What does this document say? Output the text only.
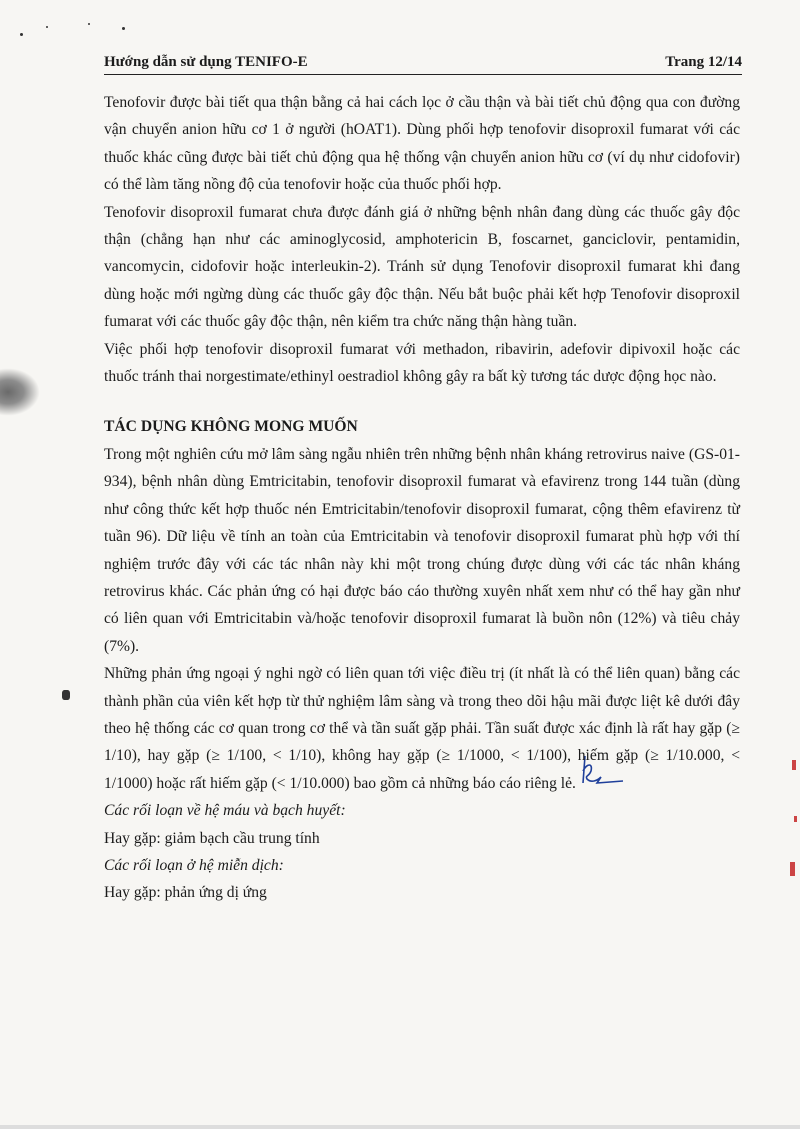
Hướng dẫn sử dụng TENIFO-E	Trang 12/14

Tenofovir được bài tiết qua thận bằng cả hai cách lọc ở cầu thận và bài tiết chủ động qua con đường vận chuyển anion hữu cơ 1 ở người (hOAT1). Dùng phối hợp tenofovir disoproxil fumarat với các thuốc khác cũng được bài tiết chủ động qua hệ thống vận chuyển anion hữu cơ (ví dụ như cidofovir) có thể làm tăng nồng độ của tenofovir hoặc của thuốc phối hợp.

Tenofovir disoproxil fumarat chưa được đánh giá ở những bệnh nhân đang dùng các thuốc gây độc thận (chẳng hạn như các aminoglycosid, amphotericin B, foscarnet, ganciclovir, pentamidin, vancomycin, cidofovir hoặc interleukin-2). Tránh sử dụng Tenofovir disoproxil fumarat khi đang dùng hoặc mới ngừng dùng các thuốc gây độc thận. Nếu bắt buộc phải kết hợp Tenofovir disoproxil fumarat với các thuốc gây độc thận, nên kiểm tra chức năng thận hàng tuần.

Việc phối hợp tenofovir disoproxil fumarat với methadon, ribavirin, adefovir dipivoxil hoặc các thuốc tránh thai norgestimate/ethinyl oestradiol không gây ra bất kỳ tương tác dược động học nào.

TÁC DỤNG KHÔNG MONG MUỐN

Trong một nghiên cứu mở lâm sàng ngẫu nhiên trên những bệnh nhân kháng retrovirus naive (GS-01-934), bệnh nhân dùng Emtricitabin, tenofovir disoproxil fumarat và efavirenz trong 144 tuần (dùng như công thức kết hợp thuốc nén Emtricitabin/tenofovir disoproxil fumarat, cộng thêm efavirenz từ tuần 96). Dữ liệu về tính an toàn của Emtricitabin và tenofovir disoproxil fumarat phù hợp với thí nghiệm trước đây với các tác nhân này khi một trong chúng được dùng với các tác nhân kháng retrovirus khác. Các phản ứng có hại được báo cáo thường xuyên nhất xem như có thể hay gần như có liên quan với Emtricitabin và/hoặc tenofovir disoproxil fumarat là buồn nôn (12%) và tiêu chảy (7%).

Những phản ứng ngoại ý nghi ngờ có liên quan tới việc điều trị (ít nhất là có thể liên quan) bằng các thành phần của viên kết hợp từ thử nghiệm lâm sàng và trong theo dõi hậu mãi được liệt kê dưới đây theo hệ thống các cơ quan trong cơ thể và tần suất gặp phải. Tần suất được xác định là rất hay gặp (≥ 1/10), hay gặp (≥ 1/100, < 1/10), không hay gặp (≥ 1/1000, < 1/100), hiếm gặp (≥ 1/10.000, < 1/1000) hoặc rất hiếm gặp (< 1/10.000) bao gồm cả những báo cáo riêng lẻ.

Các rối loạn về hệ máu và bạch huyết:

Hay gặp: giảm bạch cầu trung tính

Các rối loạn ở hệ miễn dịch:

Hay gặp: phản ứng dị ứng
